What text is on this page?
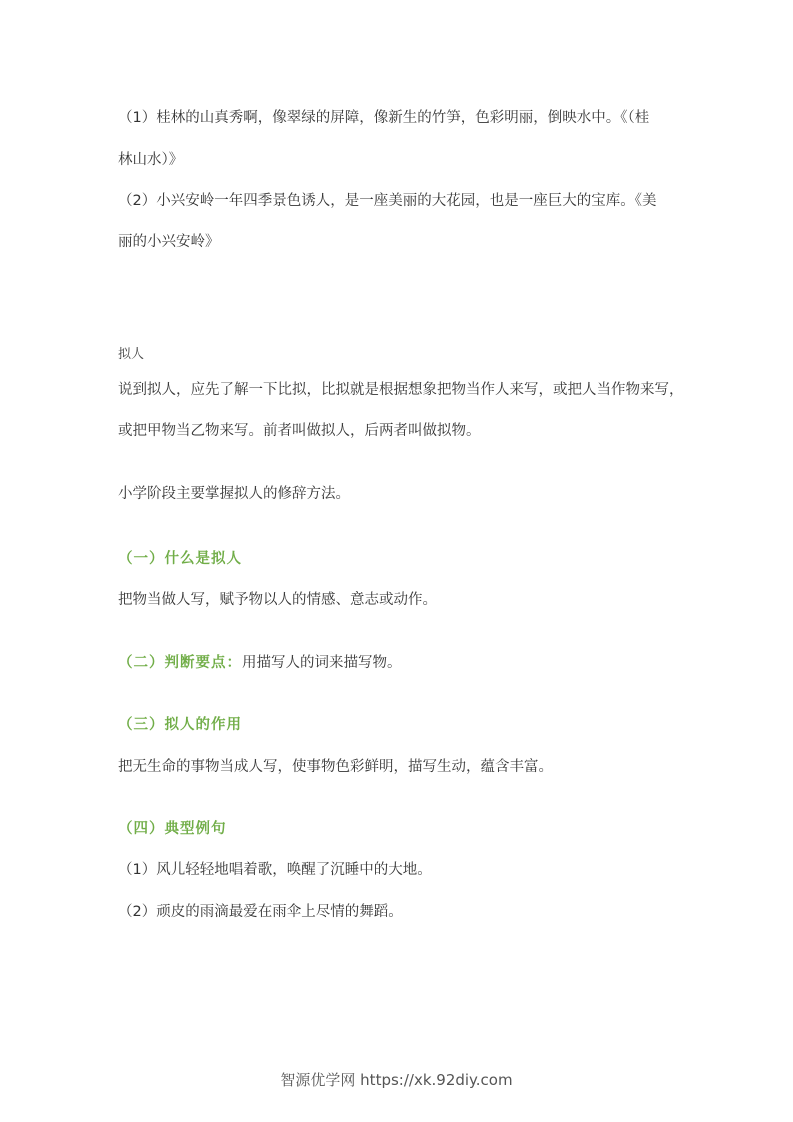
（1）桂林的山真秀啊，像翠绿的屏障，像新生的竹笋，色彩明丽，倒映水中。《（桂
林山水）》
（2）小兴安岭一年四季景色诱人，是一座美丽的大花园，也是一座巨大的宝库。《美
丽的小兴安岭》
拟人
说到拟人，应先了解一下比拟，比拟就是根据想象把物当作人来写，或把人当作物来写，
或把甲物当乙物来写。前者叫做拟人，后两者叫做拟物。
小学阶段主要掌握拟人的修辞方法。
（一）什么是拟人
把物当做人写，赋予物以人的情感、意志或动作。
（二）判断要点：用描写人的词来描写物。
（三）拟人的作用
把无生命的事物当成人写，使事物色彩鲜明，描写生动，蕴含丰富。
（四）典型例句
（1）风儿轻轻地唱着歌，唤醒了沉睡中的大地。
（2）顽皮的雨滴最爱在雨伞上尽情的舞蹈。
智源优学网 https://xk.92diy.com
